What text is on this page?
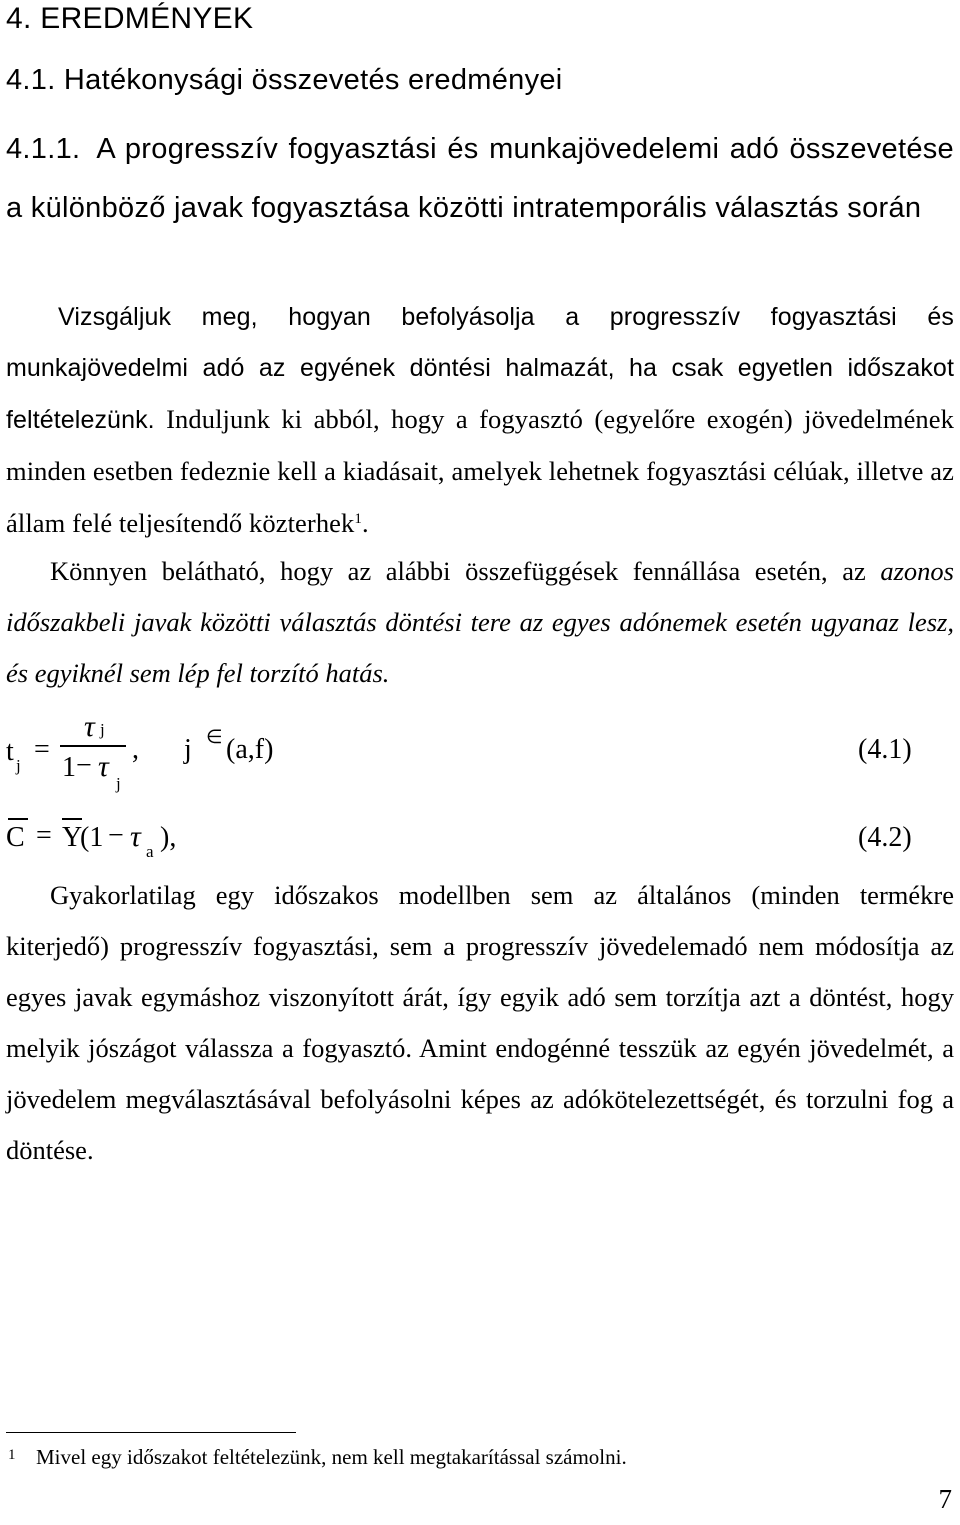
4. EREDMÉNYEK
4.1. Hatékonysági összevetés eredményei
4.1.1. A progresszív fogyasztási és munkajövedelemi adó összevetése a különböző javak fogyasztása közötti intratemporális választás során

Vizsgáljuk meg, hogyan befolyásolja a progresszív fogyasztási és munkajövedelmi adó az egyének döntési halmazát, ha csak egyetlen időszakot feltételezünk. Induljunk ki abból, hogy a fogyasztó (egyelőre exogén) jövedelmének minden esetben fedeznie kell a kiadásait, amelyek lehetnek fogyasztási célúak, illetve az állam felé teljesítendő közterhek$^1$.

Könnyen belátható, hogy az alábbi összefüggések fennállása esetén, az azonos időszakbeli javak közötti választás döntési tere az egyes adónemek esetén ugyanaz lesz, és egyiknél sem lép fel torzító hatás.

t j
=
τ j
1 − τ
j
, j ∈ (a,f)	(4.1)
C = Y
(1 − τ a ),	(4.2)

Gyakorlatilag egy időszakos modellben sem az általános (minden termékre kiterjedő) progresszív fogyasztási, sem a progresszív jövedelemadó nem módosítja az egyes javak egymáshoz viszonyított árát, így egyik adó sem torzítja azt a döntést, hogy melyik jószágot válassza a fogyasztó. Amint endogénné tesszük az egyén jövedelmét, a jövedelem megválasztásával befolyásolni képes az adókötelezettségét, és torzulni fog a döntése.

1 Mivel egy időszakot feltételezünk, nem kell megtakarítással számolni.

7
